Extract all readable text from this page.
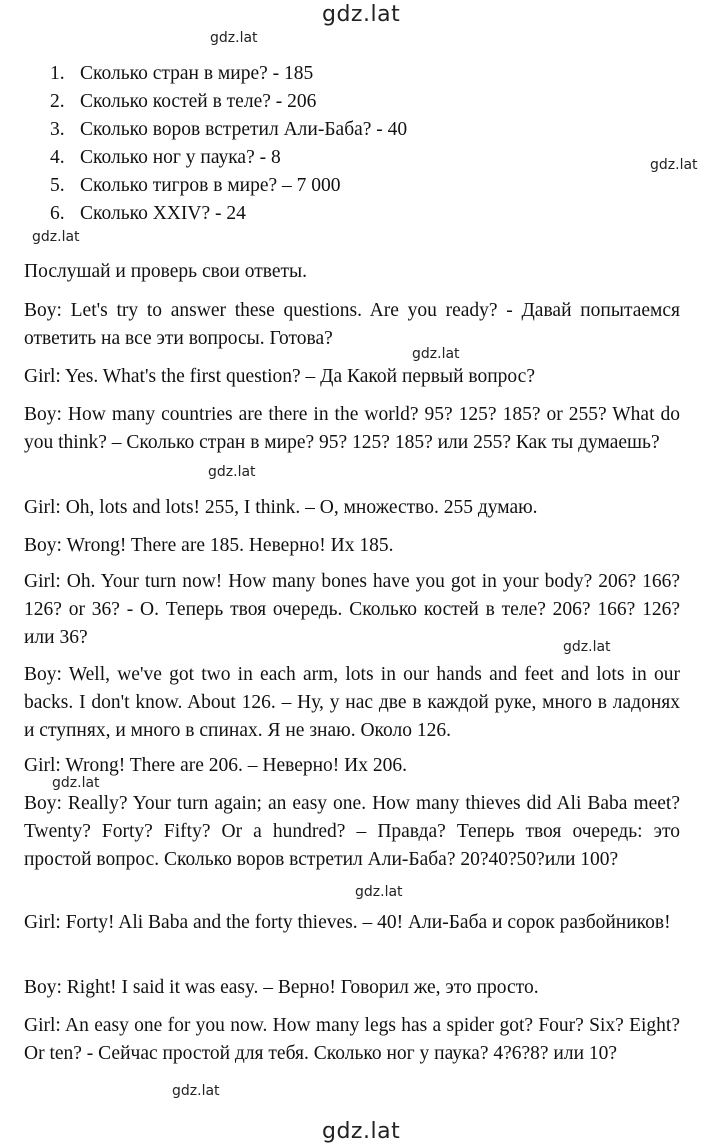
gdz.lat
gdz.lat
gdz.lat
gdz.lat
gdz.lat
gdz.lat
gdz.lat
gdz.lat
gdz.lat
gdz.lat
gdz.lat
1. Сколько стран в мире? - 185
2. Сколько костей в теле? - 206
3. Сколько воров встретил Али-Баба? - 40
4. Сколько ног у паука? - 8
5. Сколько тигров в мире? – 7 000
6. Сколько XXIV? - 24

Послушай и проверь свои ответы.

Boy: Let's try to answer these questions. Are you ready? - Давай попытаемся ответить на все эти вопросы. Готова?

Girl: Yes. What's the first question? – Да Какой первый вопрос?

Boy: How many countries are there in the world? 95? 125? 185? or 255? What do you think? – Сколько стран в мире? 95? 125? 185? или 255? Как ты думаешь?

Girl: Oh, lots and lots! 255, I think. – О, множество. 255 думаю.

Boy: Wrong! There are 185. Неверно! Их 185.

Girl: Oh. Your turn now! How many bones have you got in your body? 206? 166? 126? or 36? - О. Теперь твоя очередь. Сколько костей в теле? 206? 166? 126? или 36?

Boy: Well, we've got two in each arm, lots in our hands and feet and lots in our backs. I don't know. About 126. – Ну, у нас две в каждой руке, много в ладонях и ступнях, и много в спинах. Я не знаю. Около 126.

Girl: Wrong! There are 206. – Неверно! Их 206.

Boy: Really? Your turn again; an easy one. How many thieves did Ali Baba meet? Twenty? Forty? Fifty? Or a hundred? – Правда? Теперь твоя очередь: это простой вопрос. Сколько воров встретил Али-Баба? 20?40?50?или 100?

Girl: Forty! Ali Baba and the forty thieves. – 40! Али-Баба и сорок разбойников!

Boy: Right! I said it was easy. – Верно! Говорил же, это просто.

Girl: An easy one for you now. How many legs has a spider got? Four? Six? Eight? Or ten? - Сейчас простой для тебя. Сколько ног у паука? 4?6?8? или 10?
